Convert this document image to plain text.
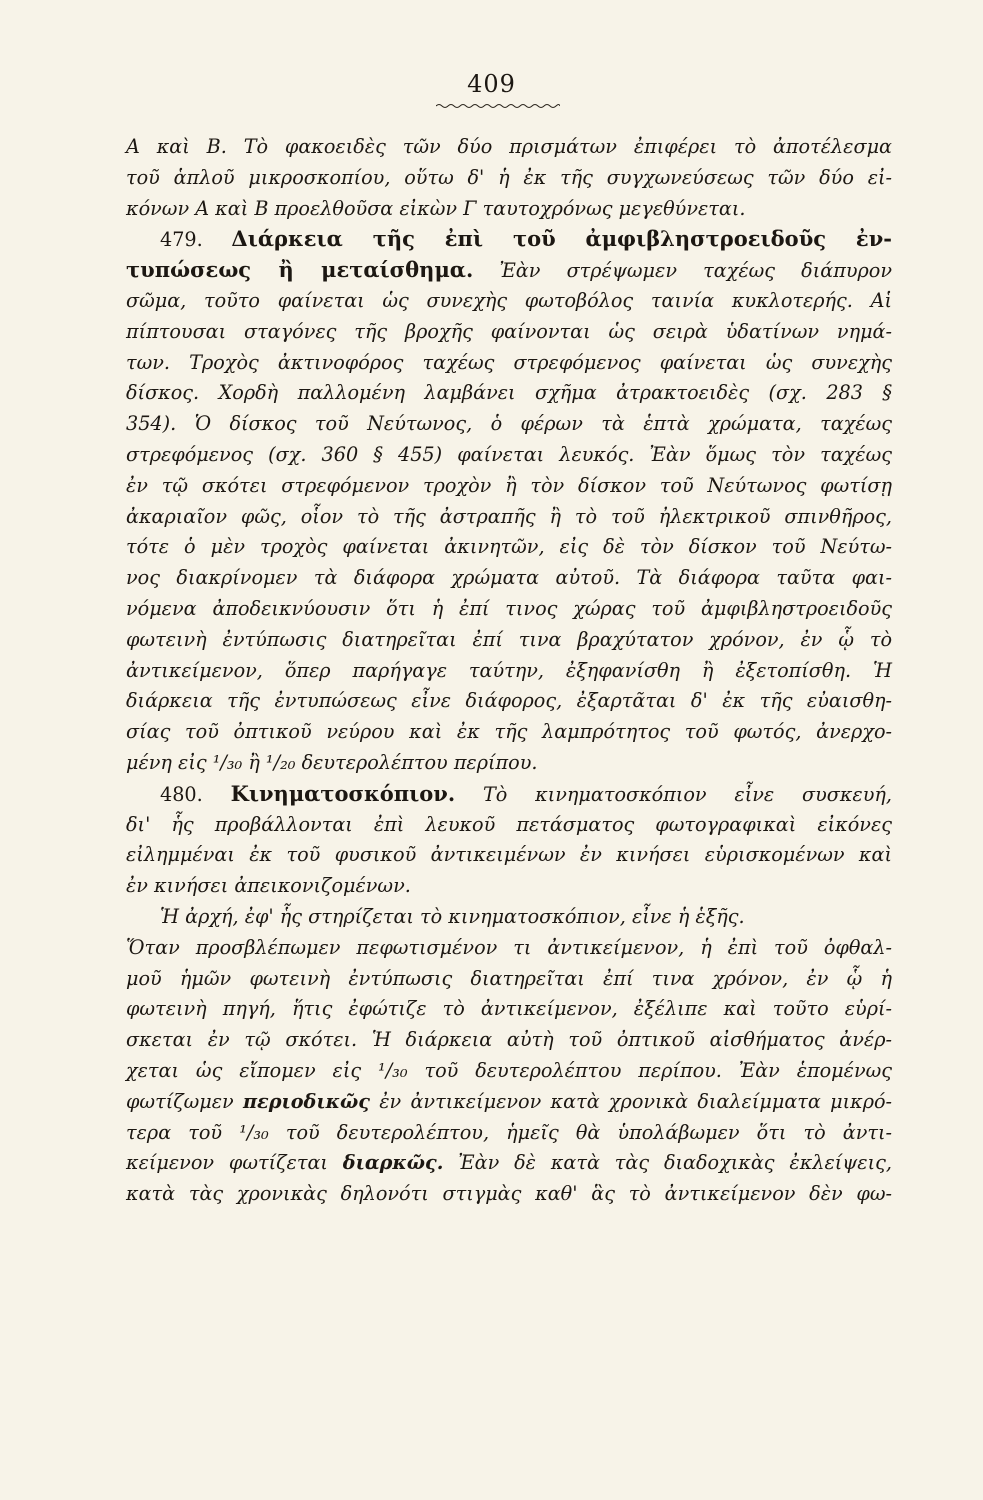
409
Α καὶ Β. Τὸ φακοειδὲς τῶν δύο πρισμάτων ἐπιφέρει τὸ ἀποτέλεσμα
τοῦ ἁπλοῦ μικροσκοπίου, οὕτω δ' ἡ ἐκ τῆς συγχωνεύσεως τῶν δύο εἰ-
κόνων Α καὶ Β προελθοῦσα εἰκὼν Γ ταυτοχρόνως μεγεθύνεται.
479. Διάρκεια τῆς ἐπὶ τοῦ ἀμφιβληστροειδοῦς ἐν-
τυπώσεως ἢ μεταίσθημα. Ἐὰν στρέψωμεν ταχέως διάπυρον
σῶμα, τοῦτο φαίνεται ὡς συνεχὴς φωτοβόλος ταινία κυκλοτερής. Αἱ
πίπτουσαι σταγόνες τῆς βροχῆς φαίνονται ὡς σειρὰ ὑδατίνων νημά-
των. Τροχὸς ἀκτινοφόρος ταχέως στρεφόμενος φαίνεται ὡς συνεχὴς
δίσκος. Χορδὴ παλλομένη λαμβάνει σχῆμα ἀτρακτοειδὲς (σχ. 283 §
354). Ὁ δίσκος τοῦ Νεύτωνος, ὁ φέρων τὰ ἑπτὰ χρώματα, ταχέως
στρεφόμενος (σχ. 360 § 455) φαίνεται λευκός. Ἐὰν ὅμως τὸν ταχέως
ἐν τῷ σκότει στρεφόμενον τροχὸν ἢ τὸν δίσκον τοῦ Νεύτωνος φωτίσῃ
ἀκαριαῖον φῶς, οἷον τὸ τῆς ἀστραπῆς ἢ τὸ τοῦ ἠλεκτρικοῦ σπινθῆρος,
τότε ὁ μὲν τροχὸς φαίνεται ἀκινητῶν, εἰς δὲ τὸν δίσκον τοῦ Νεύτω-
νος διακρίνομεν τὰ διάφορα χρώματα αὐτοῦ. Τὰ διάφορα ταῦτα φαι-
νόμενα ἀποδεικνύουσιν ὅτι ἡ ἐπί τινος χώρας τοῦ ἀμφιβληστροειδοῦς
φωτεινὴ ἐντύπωσις διατηρεῖται ἐπί τινα βραχύτατον χρόνον, ἐν ᾧ τὸ
ἀντικείμενον, ὅπερ παρήγαγε ταύτην, ἐξηφανίσθη ἢ ἐξετοπίσθη. Ἡ
διάρκεια τῆς ἐντυπώσεως εἶνε διάφορος, ἐξαρτᾶται δ' ἐκ τῆς εὐαισθη-
σίας τοῦ ὀπτικοῦ νεύρου καὶ ἐκ τῆς λαμπρότητος τοῦ φωτός, ἀνερχο-
μένη εἰς ¹/₃₀ ἢ ¹/₂₀ δευτερολέπτου περίπου.
480. Κινηματοσκόπιον. Τὸ κινηματοσκόπιον εἶνε συσκευή,
δι' ἧς προβάλλονται ἐπὶ λευκοῦ πετάσματος φωτογραφικαὶ εἰκόνες
εἰλημμέναι ἐκ τοῦ φυσικοῦ ἀντικειμένων ἐν κινήσει εὑρισκομένων καὶ
ἐν κινήσει ἀπεικονιζομένων.
Ἡ ἀρχή, ἐφ' ἧς στηρίζεται τὸ κινηματοσκόπιον, εἶνε ἡ ἑξῆς.
Ὅταν προσβλέπωμεν πεφωτισμένον τι ἀντικείμενον, ἡ ἐπὶ τοῦ ὀφθαλ-
μοῦ ἡμῶν φωτεινὴ ἐντύπωσις διατηρεῖται ἐπί τινα χρόνον, ἐν ᾧ ἡ
φωτεινὴ πηγή, ἥτις ἐφώτιζε τὸ ἀντικείμενον, ἐξέλιπε καὶ τοῦτο εὑρί-
σκεται ἐν τῷ σκότει. Ἡ διάρκεια αὐτὴ τοῦ ὀπτικοῦ αἰσθήματος ἀνέρ-
χεται ὡς εἴπομεν εἰς ¹/₃₀ τοῦ δευτερολέπτου περίπου. Ἐὰν ἑπομένως
φωτίζωμεν περιοδικῶς ἐν ἀντικείμενον κατὰ χρονικὰ διαλείμματα μικρό-
τερα τοῦ ¹/₃₀ τοῦ δευτερολέπτου, ἡμεῖς θὰ ὑπολάβωμεν ὅτι τὸ ἀντι-
κείμενον φωτίζεται διαρκῶς. Ἐὰν δὲ κατὰ τὰς διαδοχικὰς ἐκλείψεις,
κατὰ τὰς χρονικὰς δηλονότι στιγμὰς καθ' ἃς τὸ ἀντικείμενον δὲν φω-
